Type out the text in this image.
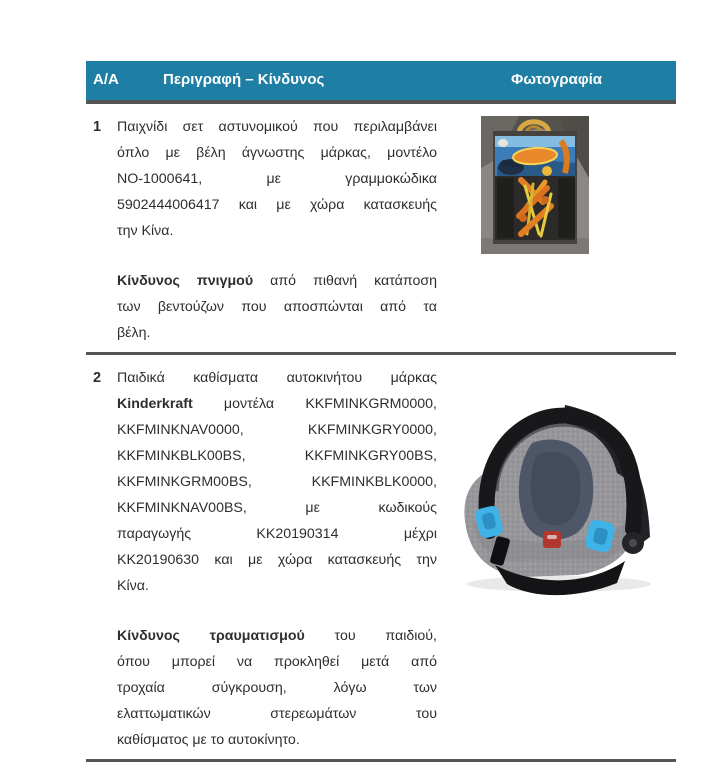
A/A	Περιγραφή – Κίνδυνος	Φωτογραφία
1	Παιχνίδι σετ αστυνομικού που περιλαμβάνει
όπλο με βέλη άγνωστης μάρκας, μοντέλο
NO-1000641, με γραμμοκώδικα
5902444006417 και με χώρα κατασκευής
την Κίνα.
Κίνδυνος πνιγμού από πιθανή κατάποση
των βεντούζων που αποσπώνται από τα
βέλη.
2	Παιδικά καθίσματα αυτοκινήτου μάρκας
Kinderkraft μοντέλα KKFMINKGRM0000,
KKFMINKNAV0000, KKFMINKGRY0000,
KKFMINKBLK00BS, KKFMINKGRY00BS,
KKFMINKGRM00BS, KKFMINKBLK0000,
KKFMINKNAV00BS, με κωδικούς
παραγωγής KK20190314 μέχρι
KK20190630 και με χώρα κατασκευής την
Κίνα.
Κίνδυνος τραυματισμού του παιδιού,
όπου μπορεί να προκληθεί μετά από
τροχαία σύγκρουση, λόγω των
ελαττωματικών στερεωμάτων του
καθίσματος με το αυτοκίνητο.
